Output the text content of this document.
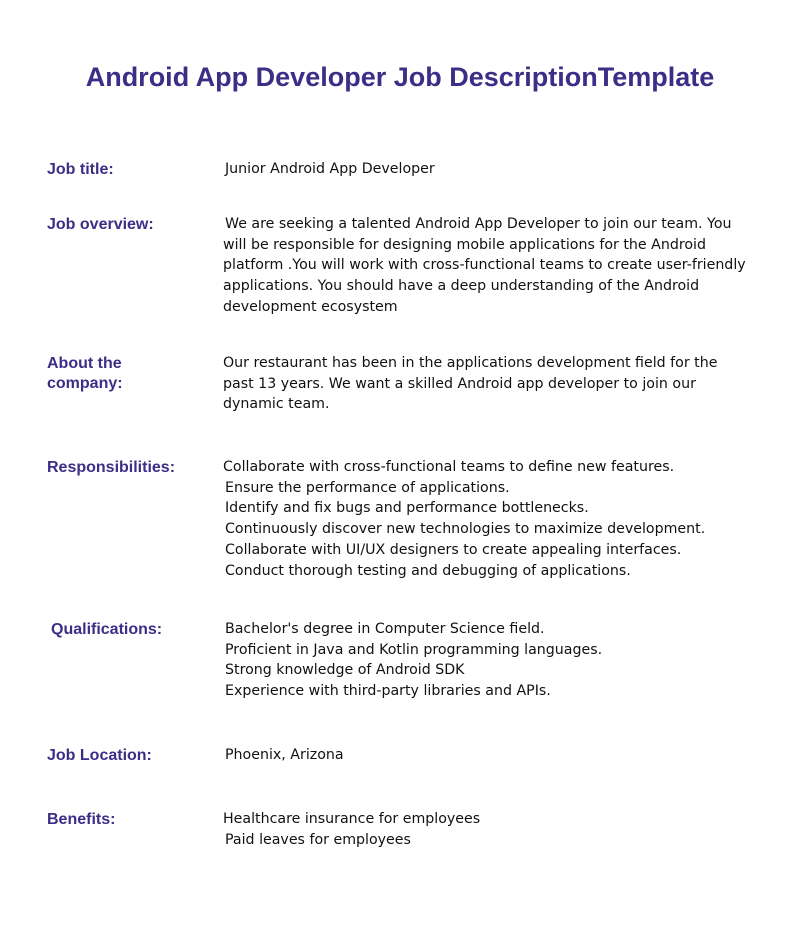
Android App Developer Job DescriptionTemplate
Job title:	Junior Android App Developer
Job overview:	We are seeking a talented Android App Developer to join our team. You
will be responsible for designing mobile applications for the Android
platform .You will work with cross-functional teams to create user-friendly
applications. You should have a deep understanding of the Android
development ecosystem
About the
company:
Our restaurant has been in the applications development field for the
past 13 years. We want a skilled Android app developer to join our
dynamic team.
Responsibilities:	Collaborate with cross-functional teams to define new features.
Ensure the performance of applications.
Identify and fix bugs and performance bottlenecks.
Continuously discover new technologies to maximize development.
Collaborate with UI/UX designers to create appealing interfaces.
Conduct thorough testing and debugging of applications.
Qualifications:	Bachelor's degree in Computer Science field.
Proficient in Java and Kotlin programming languages.
Strong knowledge of Android SDK
Experience with third-party libraries and APIs.
Job Location:	Phoenix, Arizona
Benefits:	Healthcare insurance for employees
Paid leaves for employees
